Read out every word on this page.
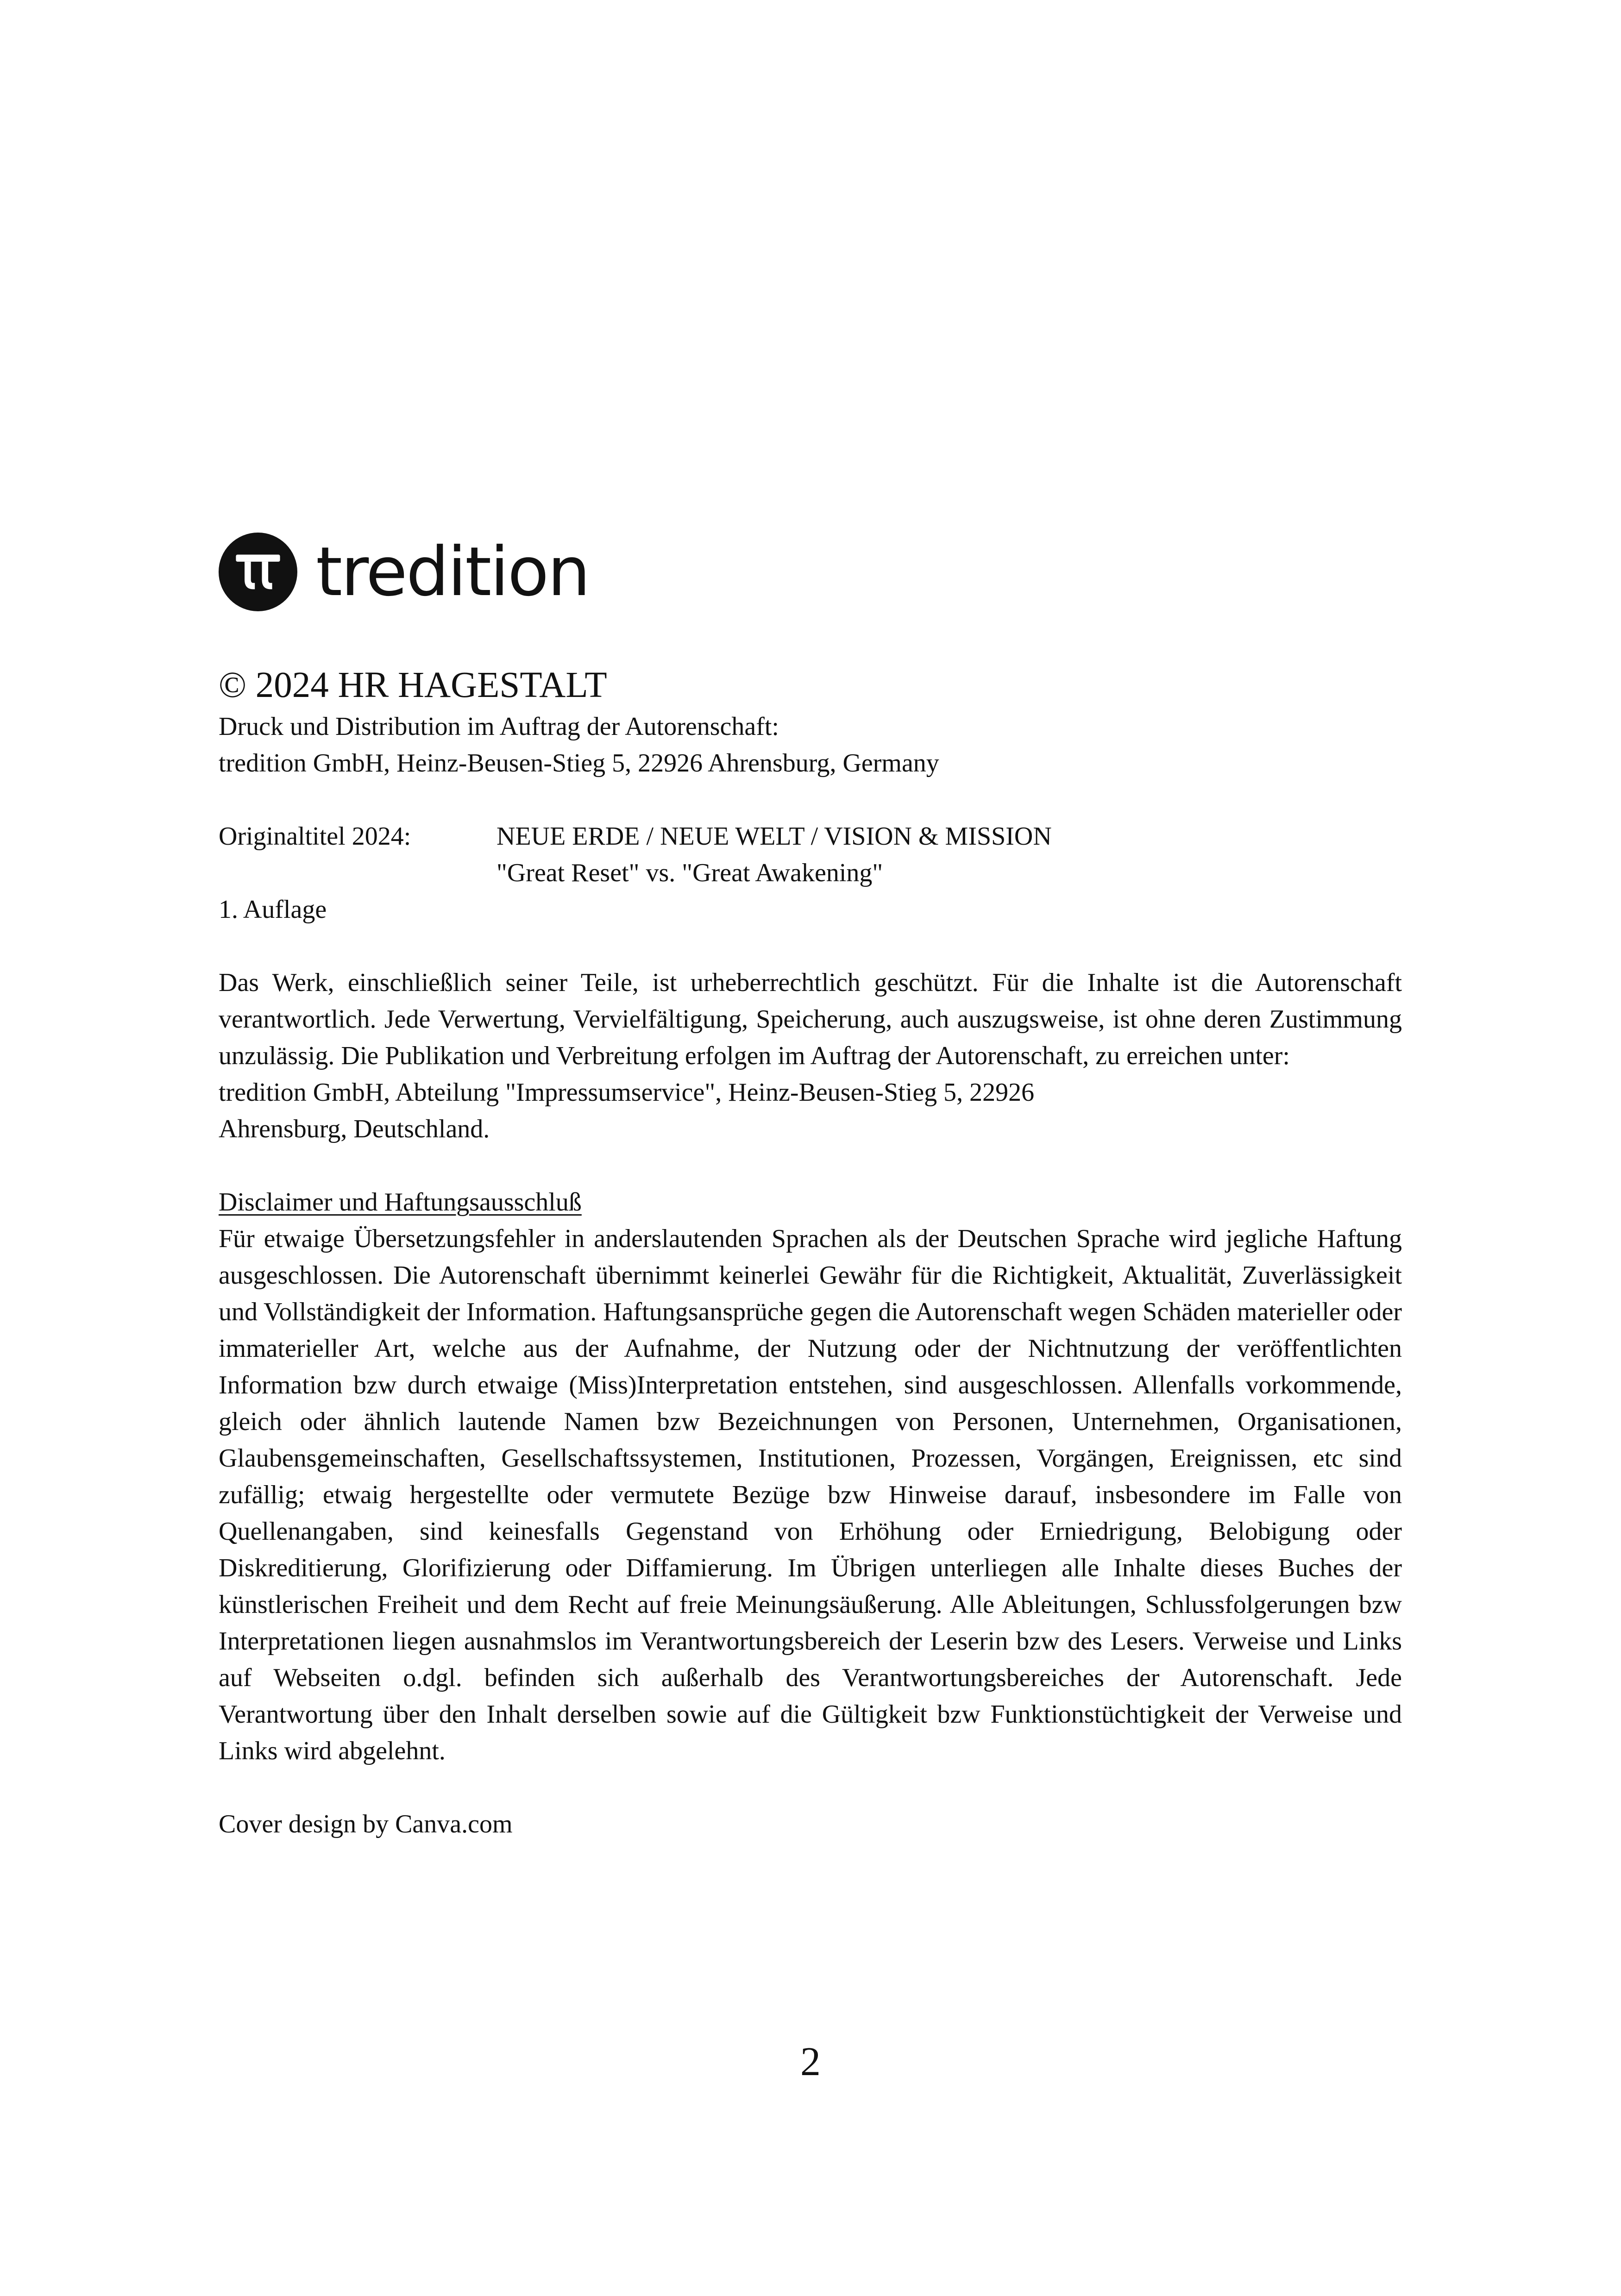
tredition

© 2024 HR HAGESTALT

Druck und Distribution im Auftrag der Autorenschaft:

tredition GmbH, Heinz-Beusen-Stieg 5, 22926 Ahrensburg, Germany

Originaltitel 2024:	NEUE ERDE / NEUE WELT / VISION & MISSION
"Great Reset" vs. "Great Awakening"

1. Auflage

Das Werk, einschließlich seiner Teile, ist urheberrechtlich geschützt. Für die Inhalte ist die Autorenschaft verantwortlich. Jede Verwertung, Vervielfältigung, Speicherung, auch auszugsweise, ist ohne deren Zustimmung unzulässig. Die Publikation und Verbreitung erfolgen im Auftrag der Autorenschaft, zu erreichen unter:

tredition GmbH, Abteilung "Impressumservice", Heinz-Beusen-Stieg 5, 22926

Ahrensburg, Deutschland.

Disclaimer und Haftungsausschluß

Für etwaige Übersetzungsfehler in anderslautenden Sprachen als der Deutschen Sprache wird jegliche Haftung ausgeschlossen. Die Autorenschaft übernimmt keinerlei Gewähr für die Richtigkeit, Aktualität, Zuverlässigkeit und Vollständigkeit der Information. Haftungsansprüche gegen die Autorenschaft wegen Schäden materieller oder immaterieller Art, welche aus der Aufnahme, der Nutzung oder der Nichtnutzung der veröffentlichten Information bzw durch etwaige (Miss)Interpretation entstehen, sind ausgeschlossen. Allenfalls vorkommende, gleich oder ähnlich lautende Namen bzw Bezeichnungen von Personen, Unternehmen, Organisationen, Glaubensgemeinschaften, Gesellschaftssystemen, Institutionen, Prozessen, Vorgängen, Ereignissen, etc sind zufällig; etwaig hergestellte oder vermutete Bezüge bzw Hinweise darauf, insbesondere im Falle von Quellenangaben, sind keinesfalls Gegenstand von Erhöhung oder Erniedrigung, Belobigung oder Diskreditierung, Glorifizierung oder Diffamierung. Im Übrigen unterliegen alle Inhalte dieses Buches der künstlerischen Freiheit und dem Recht auf freie Meinungsäußerung. Alle Ableitungen, Schlussfolgerungen bzw Interpretationen liegen ausnahmslos im Verantwortungsbereich der Leserin bzw des Lesers. Verweise und Links auf Webseiten o.dgl. befinden sich außerhalb des Verantwortungsbereiches der Autorenschaft. Jede Verantwortung über den Inhalt derselben sowie auf die Gültigkeit bzw Funktionstüchtigkeit der Verweise und Links wird abgelehnt.

Cover design by Canva.com

2
